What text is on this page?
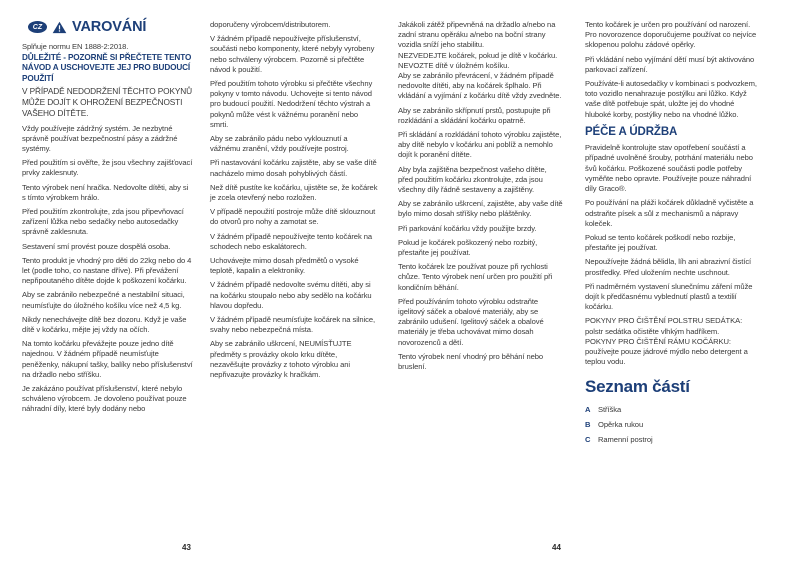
CZ	VAROVÁNÍ

Splňuje normu EN 1888-2:2018.

DŮLEŽITÉ - POZORNĚ SI PŘEČTETE TENTO NÁVOD A USCHOVEJTE JEJ PRO BUDOUCÍ POUŽITÍ

V PŘÍPADĚ NEDODRŽENÍ TĚCHTO POKYNŮ MŮŽE DOJÍT K OHROŽENÍ BEZPEČNOSTI VAŠEHO DÍTĚTE.

Vždy používejte zádržný systém. Je nezbytné správně používat bezpečnostní pásy a zádržné systémy.

Před použitím si ověřte, že jsou všechny zajišťovací prvky zaklesnuty.

Tento výrobek není hračka. Nedovolte dítěti, aby si s tímto výrobkem hrálo.

Před použitím zkontrolujte, zda jsou připevňovací zařízení lůžka nebo sedačky nebo autosedačky správně zaklesnuta.

Sestavení smí provést pouze dospělá osoba.

Tento produkt je vhodný pro děti do 22kg nebo do 4 let (podle toho, co nastane dříve). Při převážení nepřipoutaného dítěte dojde k poškození kočárku.

Aby se zabránilo nebezpečné a nestabilní situaci, neumísťujte do úložného košíku více než 4,5 kg.

Nikdy nenechávejte dítě bez dozoru. Když je vaše dítě v kočárku, mějte jej vždy na očích.

Na tomto kočárku převážejte pouze jedno dítě najednou. V žádném případě neumísťujte peněženky, nákupní tašky, balíky nebo příslušenství na držadlo nebo stříšku.

Je zakázáno používat příslušenství, které nebylo schváleno výrobcem. Je dovoleno používat pouze náhradní díly, které byly dodány nebo

doporučeny výrobcem/distributorem.

V žádném případě nepoužívejte příslušenství, součásti nebo komponenty, které nebyly vyrobeny nebo schváleny výrobcem. Pozorně si přečtěte návod k použití.

Před použitím tohoto výrobku si přečtěte všechny pokyny v tomto návodu. Uchovejte si tento návod pro budoucí použití. Nedodržení těchto výstrah a pokynů může vést k vážnému poranění nebo smrti.

Aby se zabránilo pádu nebo vyklouznutí a vážnému zranění, vždy používejte postroj.

Při nastavování kočárku zajistěte, aby se vaše dítě nacházelo mimo dosah pohyblivých částí.

Než dítě pustíte ke kočárku, ujistěte se, že kočárek je zcela otevřený nebo rozložen.

V případě nepoužití postroje může dítě sklouznout do otvorů pro nohy a zamotat se.

V žádném případě nepoužívejte tento kočárek na schodech nebo eskalátorech.

Uchovávejte mimo dosah předmětů o vysoké teplotě, kapalin a elektroniky.

V žádném případě nedovolte svému dítěti, aby si na kočárku stoupalo nebo aby sedělo na kočárku hlavou dopředu.

V žádném případě neumísťujte kočárek na silnice, svahy nebo nebezpečná místa.

Aby se zabránilo uškrcení, NEUMÍSŤUJTE předměty s provázky okolo krku dítěte, nezavěšujte provázky z tohoto výrobku ani nepřivazujte provázky k hračkám.

Jakákoli zátěž připevněná na držadlo a/nebo na zadní stranu opěráku a/nebo na boční strany vozidla sníží jeho stabilitu.

NEZVEDEJTE kočárek, pokud je dítě v kočárku.

NEVOZTE dítě v úložném košíku.

Aby se zabránilo převrácení, v žádném případě nedovolte dítěti, aby na kočárek šplhalo. Při vkládání a vyjímání z kočárku dítě vždy zvedněte.

Aby se zabránilo skřípnutí prstů, postupujte při rozkládání a skládání kočárku opatrně.

Při skládání a rozkládání tohoto výrobku zajistěte, aby dítě nebylo v kočárku ani poblíž a nemohlo dojít k poranění dítěte.

Aby byla zajištěna bezpečnost vašeho dítěte, před použitím kočárku zkontrolujte, zda jsou všechny díly řádně sestaveny a zajištěny.

Aby se zabránilo uškrcení, zajistěte, aby vaše dítě bylo mimo dosah stříšky nebo pláštěnky.

Při parkování kočárku vždy použijte brzdy.

Pokud je kočárek poškozený nebo rozbitý, přestaňte jej používat.

Tento kočárek lze používat pouze při rychlosti chůze. Tento výrobek není určen pro použití při kondičním běhání.

Před používáním tohoto výrobku odstraňte igelitový sáček a obalové materiály, aby se zabránilo udušení. Igelitový sáček a obalové materiály je třeba uchovávat mimo dosah novorozenců a dětí.

Tento výrobek není vhodný pro běhání nebo bruslení.

Tento kočárek je určen pro používání od narození. Pro novorozence doporučujeme používat co nejvíce sklopenou polohu zádové opěrky.

Při vkládání nebo vyjímání dětí musí být aktivováno parkovací zařízení.

Používáte-li autosedačky v kombinaci s podvozkem, toto vozidlo nenahrazuje postýlku ani lůžko. Když vaše dítě potřebuje spát, uložte jej do vhodné hluboké korby, postýlky nebo na vhodné lůžko.

PÉČE A ÚDRŽBA

Pravidelně kontrolujte stav opotřebení součástí a případné uvolněné šrouby, potrhání materiálu nebo švů kočárku. Poškozené součásti podle potřeby vyměňte nebo opravte. Používejte pouze náhradní díly Graco®.

Po používání na pláži kočárek důkladně vyčistěte a odstraňte písek a sůl z mechanismů a nápravy koleček.

Pokud se tento kočárek poškodí nebo rozbije, přestaňte jej používat.

Nepoužívejte žádná bělidla, líh ani abrazivní čistící prostředky. Před uložením nechte uschnout.

Při nadměrném vystavení slunečnímu záření může dojít k předčasnému vyblednutí plastů a textilií kočárku.

POKYNY PRO ČIŠTĚNÍ POLSTRU SEDÁTKA: polstr sedátka očistěte vlhkým hadříkem.

POKYNY PRO ČIŠTĚNÍ RÁMU KOČÁRKU: používejte pouze jádrové mýdlo nebo detergent a teplou vodu.

Seznam částí
A Stříška
B Opěrka rukou
C Ramenní postroj
43	44
